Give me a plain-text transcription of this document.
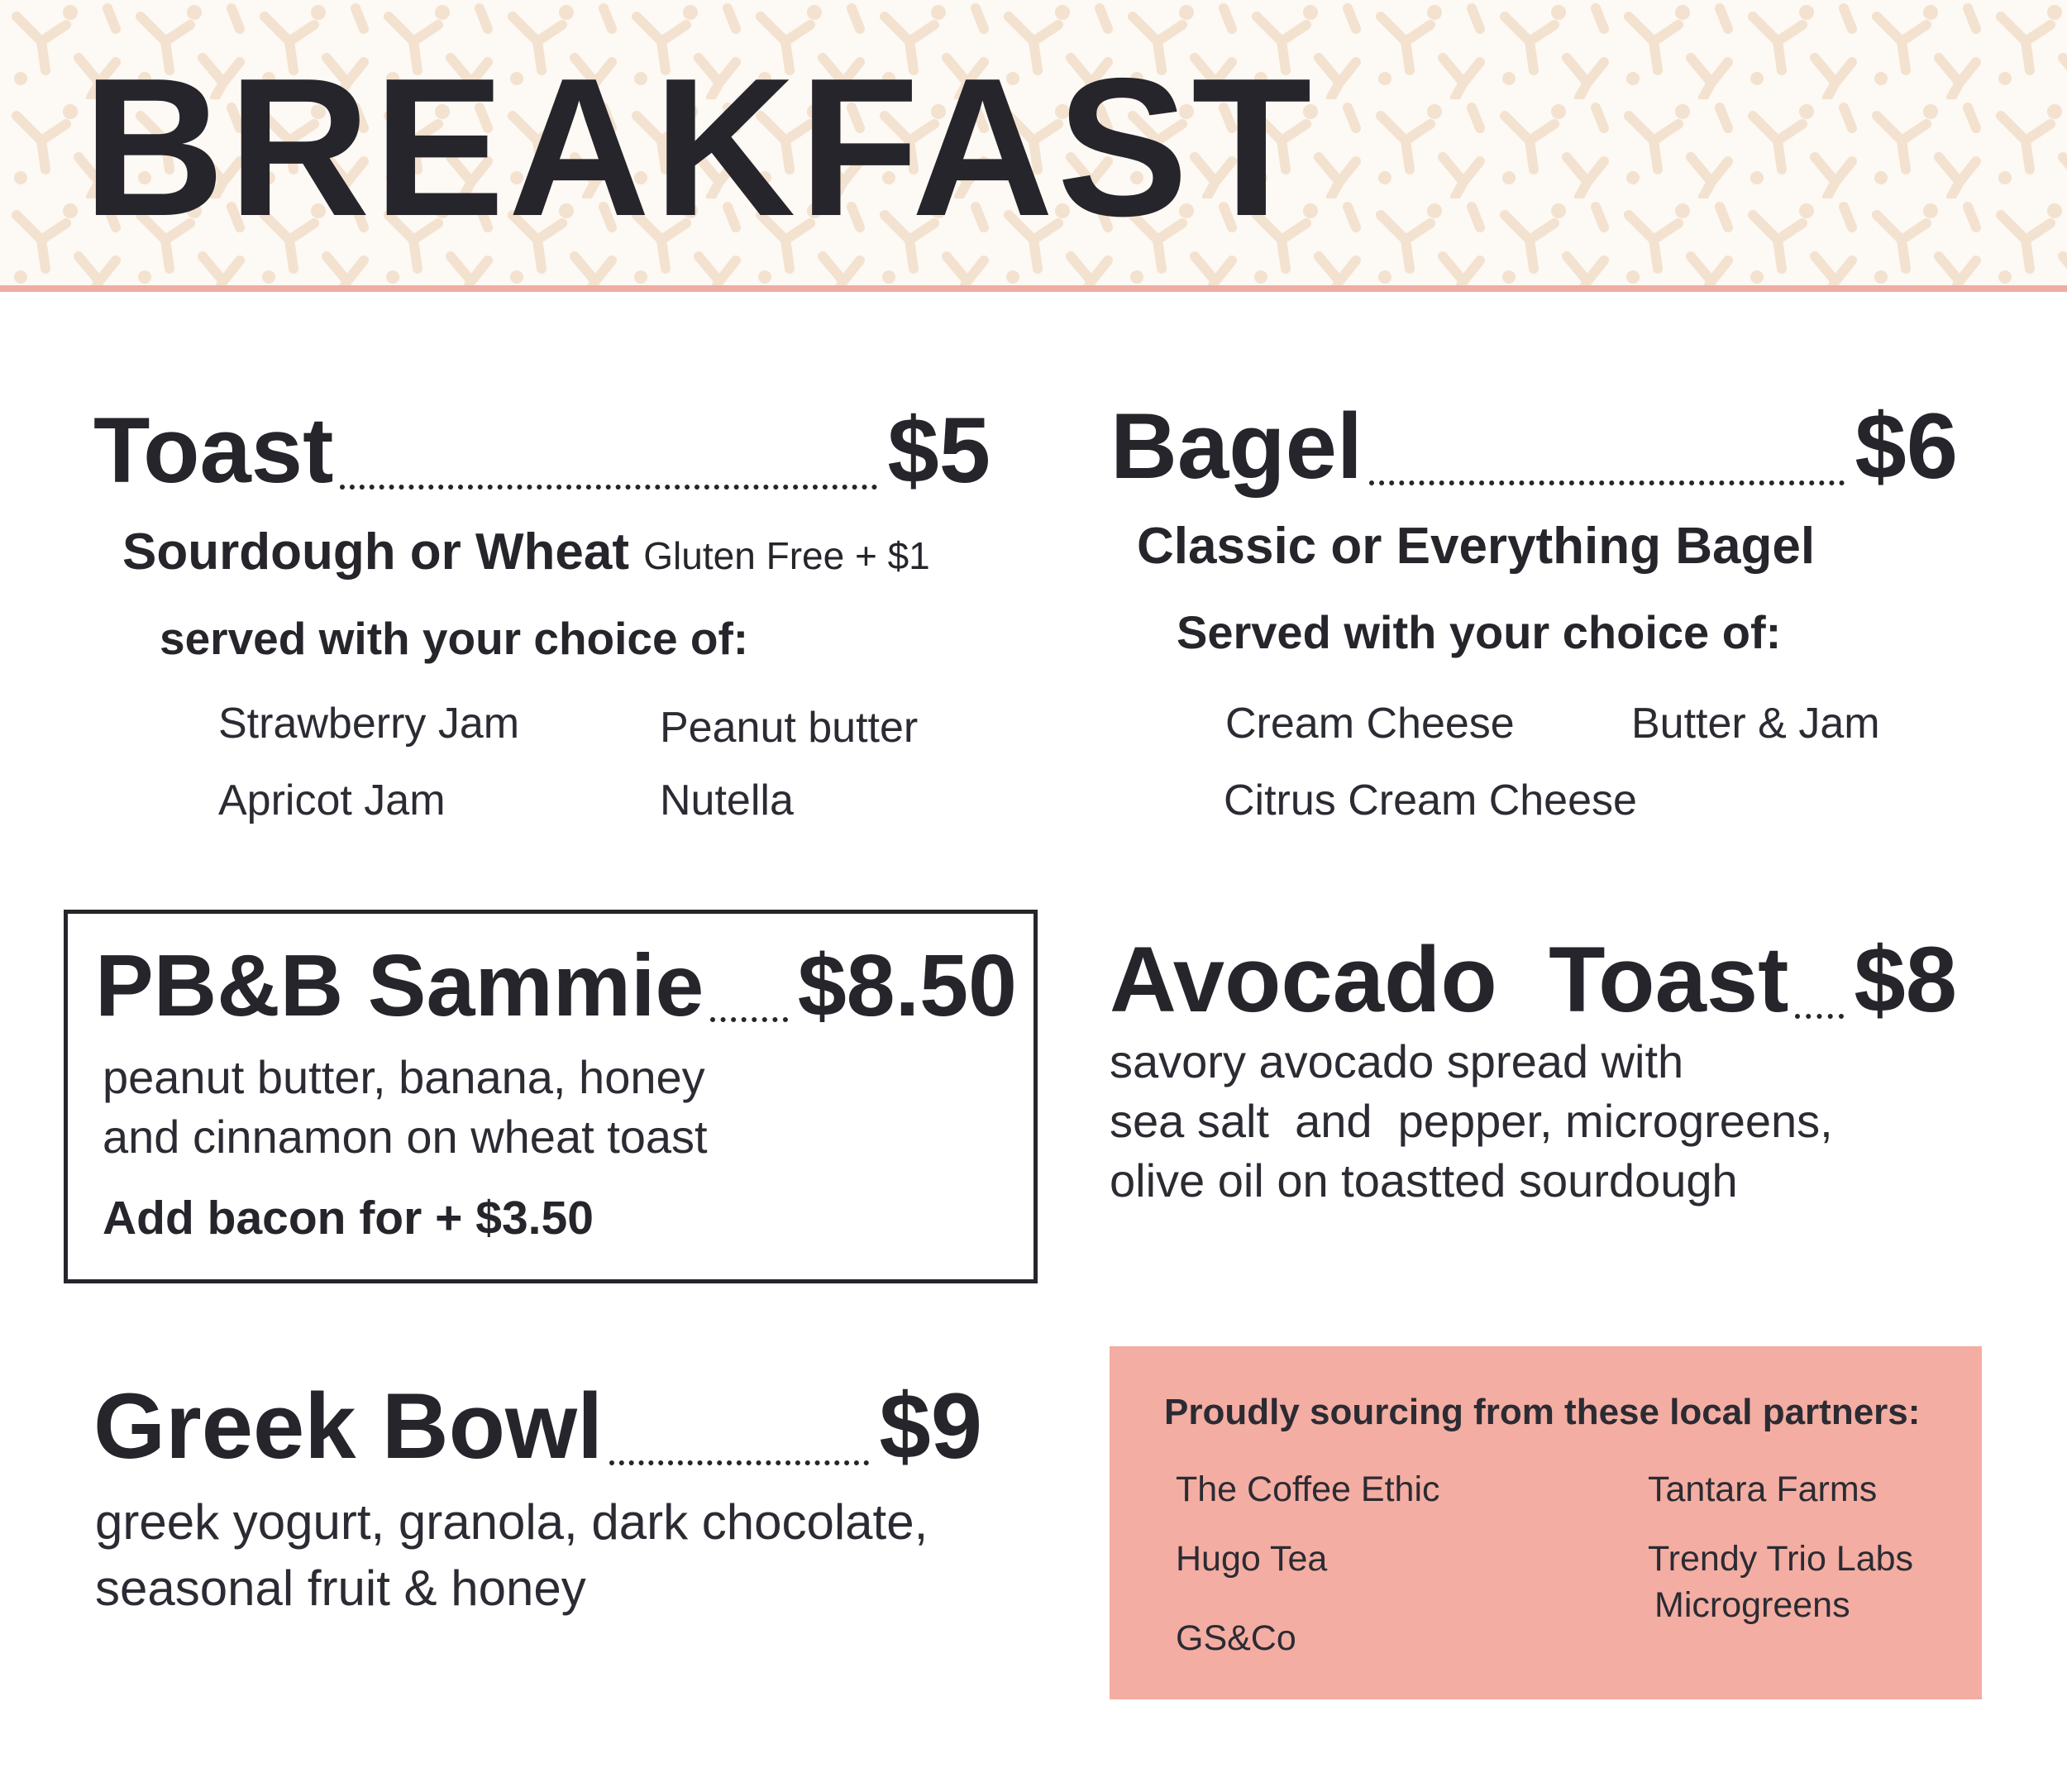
BREAKFAST
Toast	$5
Sourdough or Wheat Gluten Free + $1
served with your choice of:
Strawberry Jam	Peanut butter
Apricot Jam	Nutella
Bagel	$6
Classic or Everything Bagel
Served with your choice of:
Cream Cheese	Butter & Jam
Citrus Cream Cheese
PB&B Sammie $8.50
peanut butter, banana, honey
and cinnamon on wheat toast
Add bacon for + $3.50
Avocado  Toast $8
savory avocado spread with
sea salt  and  pepper, microgreens,
olive oil on toastted sourdough
Greek Bowl	$9
greek yogurt, granola, dark chocolate,
seasonal fruit & honey
Proudly sourcing from these local partners:
The Coffee Ethic
Hugo Tea
GS&Co
Tantara Farms
Trendy Trio Labs
Microgreens
